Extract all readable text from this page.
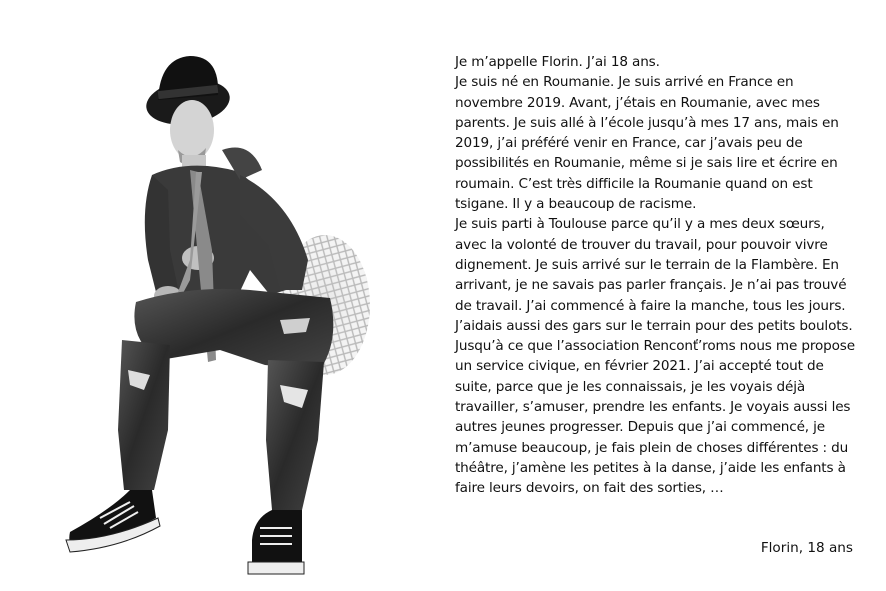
Je m’appelle Florin. J’ai 18 ans.

Je suis né en Roumanie. Je suis arrivé en France en novembre 2019. Avant, j’étais en Roumanie, avec mes parents. Je suis allé à l’école jusqu’à mes 17 ans, mais en 2019, j’ai préféré venir en France, car j’avais peu de possibilités en Roumanie, même si je sais lire et écrire en roumain. C’est très difficile la Roumanie quand on est tsigane. Il y a beaucoup de racisme.

Je suis parti à Toulouse parce qu’il y a mes deux sœurs, avec la volonté de trouver du travail, pour pouvoir vivre dignement. Je suis arrivé sur le terrain de la Flambère. En arrivant, je ne savais pas parler français. Je n’ai pas trouvé de travail. J’ai commencé à faire la manche, tous les jours. J’aidais aussi des gars sur le terrain pour des petits boulots.

Jusqu’à ce que l’association Renconť’roms nous me propose un service civique, en février 2021. J’ai accepté tout de suite, parce que je les connaissais, je les voyais déjà travailler, s’amuser, prendre les enfants. Je voyais aussi les autres jeunes progresser. Depuis que j’ai commencé, je m’amuse beaucoup, je fais plein de choses différentes : du théâtre, j’amène les petites à la danse, j’aide les enfants à faire leurs devoirs, on fait des sorties, …

Florin, 18 ans
